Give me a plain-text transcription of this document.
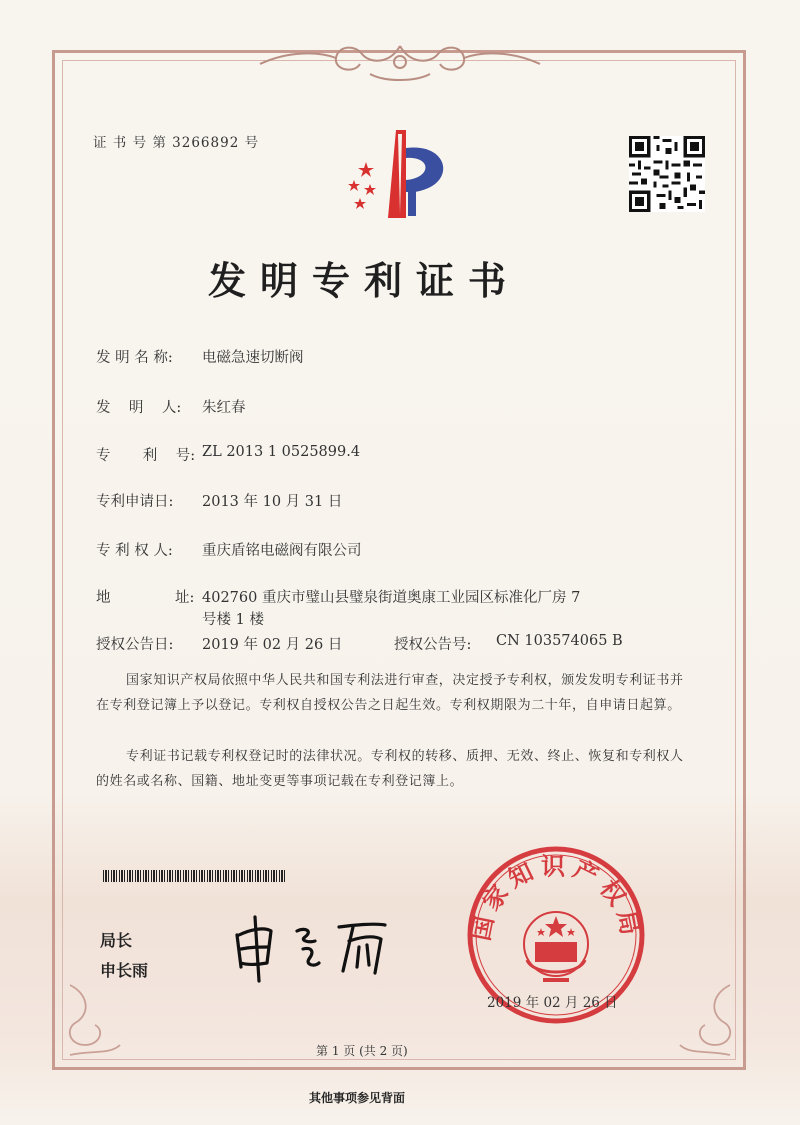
证 书 号 第 3266892 号
发明专利证书
发 明 名 称: 电磁急速切断阀
发    明    人: 朱红春
专       利    号: ZL 2013 1 0525899.4
专利申请日: 2013 年 10 月 31 日
专 利 权 人: 重庆盾铭电磁阀有限公司
地              址: 402760 重庆市璧山县璧泉街道奥康工业园区标准化厂房 7
号楼 1 楼
授权公告日: 2019 年 02 月 26 日	授权公告号: CN 103574065 B
国家知识产权局依照中华人民共和国专利法进行审查，决定授予专利权，颁发发明专利证书并在专利登记簿上予以登记。专利权自授权公告之日起生效。专利权期限为二十年，自申请日起算。
专利证书记载专利权登记时的法律状况。专利权的转移、质押、无效、终止、恢复和专利权人的姓名或名称、国籍、地址变更等事项记载在专利登记簿上。
局长
申长雨
国家知识产权局
2019 年 02 月 26 日
第 1 页 (共 2 页)
其他事项参见背面
